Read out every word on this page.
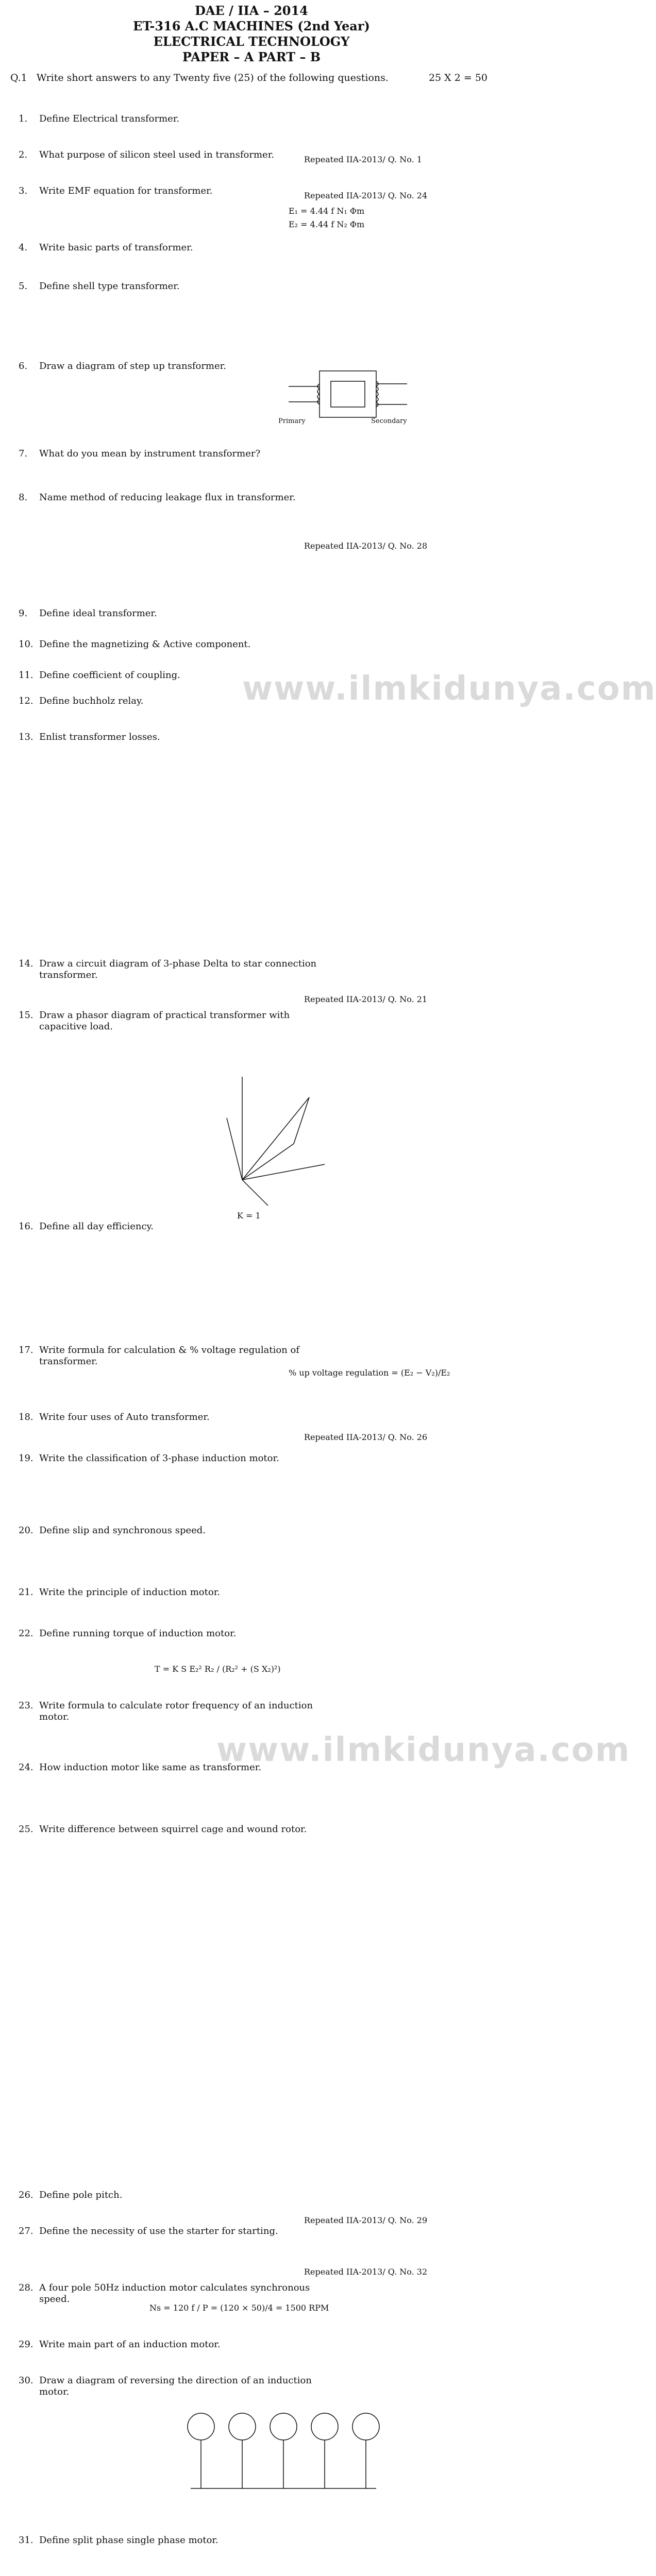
DAE / IIA – 2014
ET-316 A.C MACHINES (2nd Year)
ELECTRICAL TECHNOLOGY
PAPER – A PART – B
Q.1 Write short answers to any Twenty five (25) of the following questions.	25 X 2 = 50
www.ilmkidunya.com
www.ilmkidunya.com
1.	Define Electrical transformer.
2.	What purpose of silicon steel used in transformer.
3.	Write EMF equation for transformer.
4.	Write basic parts of transformer.
5.	Define shell type transformer.
6.	Draw a diagram of step up transformer.
7.	What do you mean by instrument transformer?
8.	Name method of reducing leakage flux in transformer.
9.	Define ideal transformer.
10. Define the magnetizing & Active component.
11. Define coefficient of coupling.
12. Define buchholz relay.
13. Enlist transformer losses.
14. Draw a circuit diagram of 3-phase Delta to star connection transformer.
15. Draw a phasor diagram of practical transformer with capacitive load.
16. Define all day efficiency.
17. Write formula for calculation & % voltage regulation of transformer.
18. Write four uses of Auto transformer.
19. Write the classification of 3-phase induction motor.
20. Define slip and synchronous speed.
21. Write the principle of induction motor.
22. Define running torque of induction motor.
23. Write formula to calculate rotor frequency of an induction motor.
24. How induction motor like same as transformer.
25. Write difference between squirrel cage and wound rotor.
26. Define pole pitch.
27. Define the necessity of use the starter for starting.
28. A four pole 50Hz induction motor calculates synchronous speed.
29. Write main part of an induction motor.
30. Draw a diagram of reversing the direction of an induction motor.
31. Define split phase single phase motor.
Primary	Secondary
K = 1
E₁ = 4.44 f N₁ Φm
E₂ = 4.44 f N₂ Φm
% up voltage regulation = (E₂ − V₂)/E₂
T = K S E₂² R₂ / (R₂² + (S X₂)²)
Ns = 120 f / P = (120 × 50)/4 = 1500 RPM
Repeated IIA-2013/ Q. No. 1
Repeated IIA-2013/ Q. No. 24
Repeated IIA-2013/ Q. No. 28
Repeated IIA-2013/ Q. No. 21
Repeated IIA-2013/ Q. No. 26
Repeated IIA-2013/ Q. No. 29
Repeated IIA-2013/ Q. No. 32
